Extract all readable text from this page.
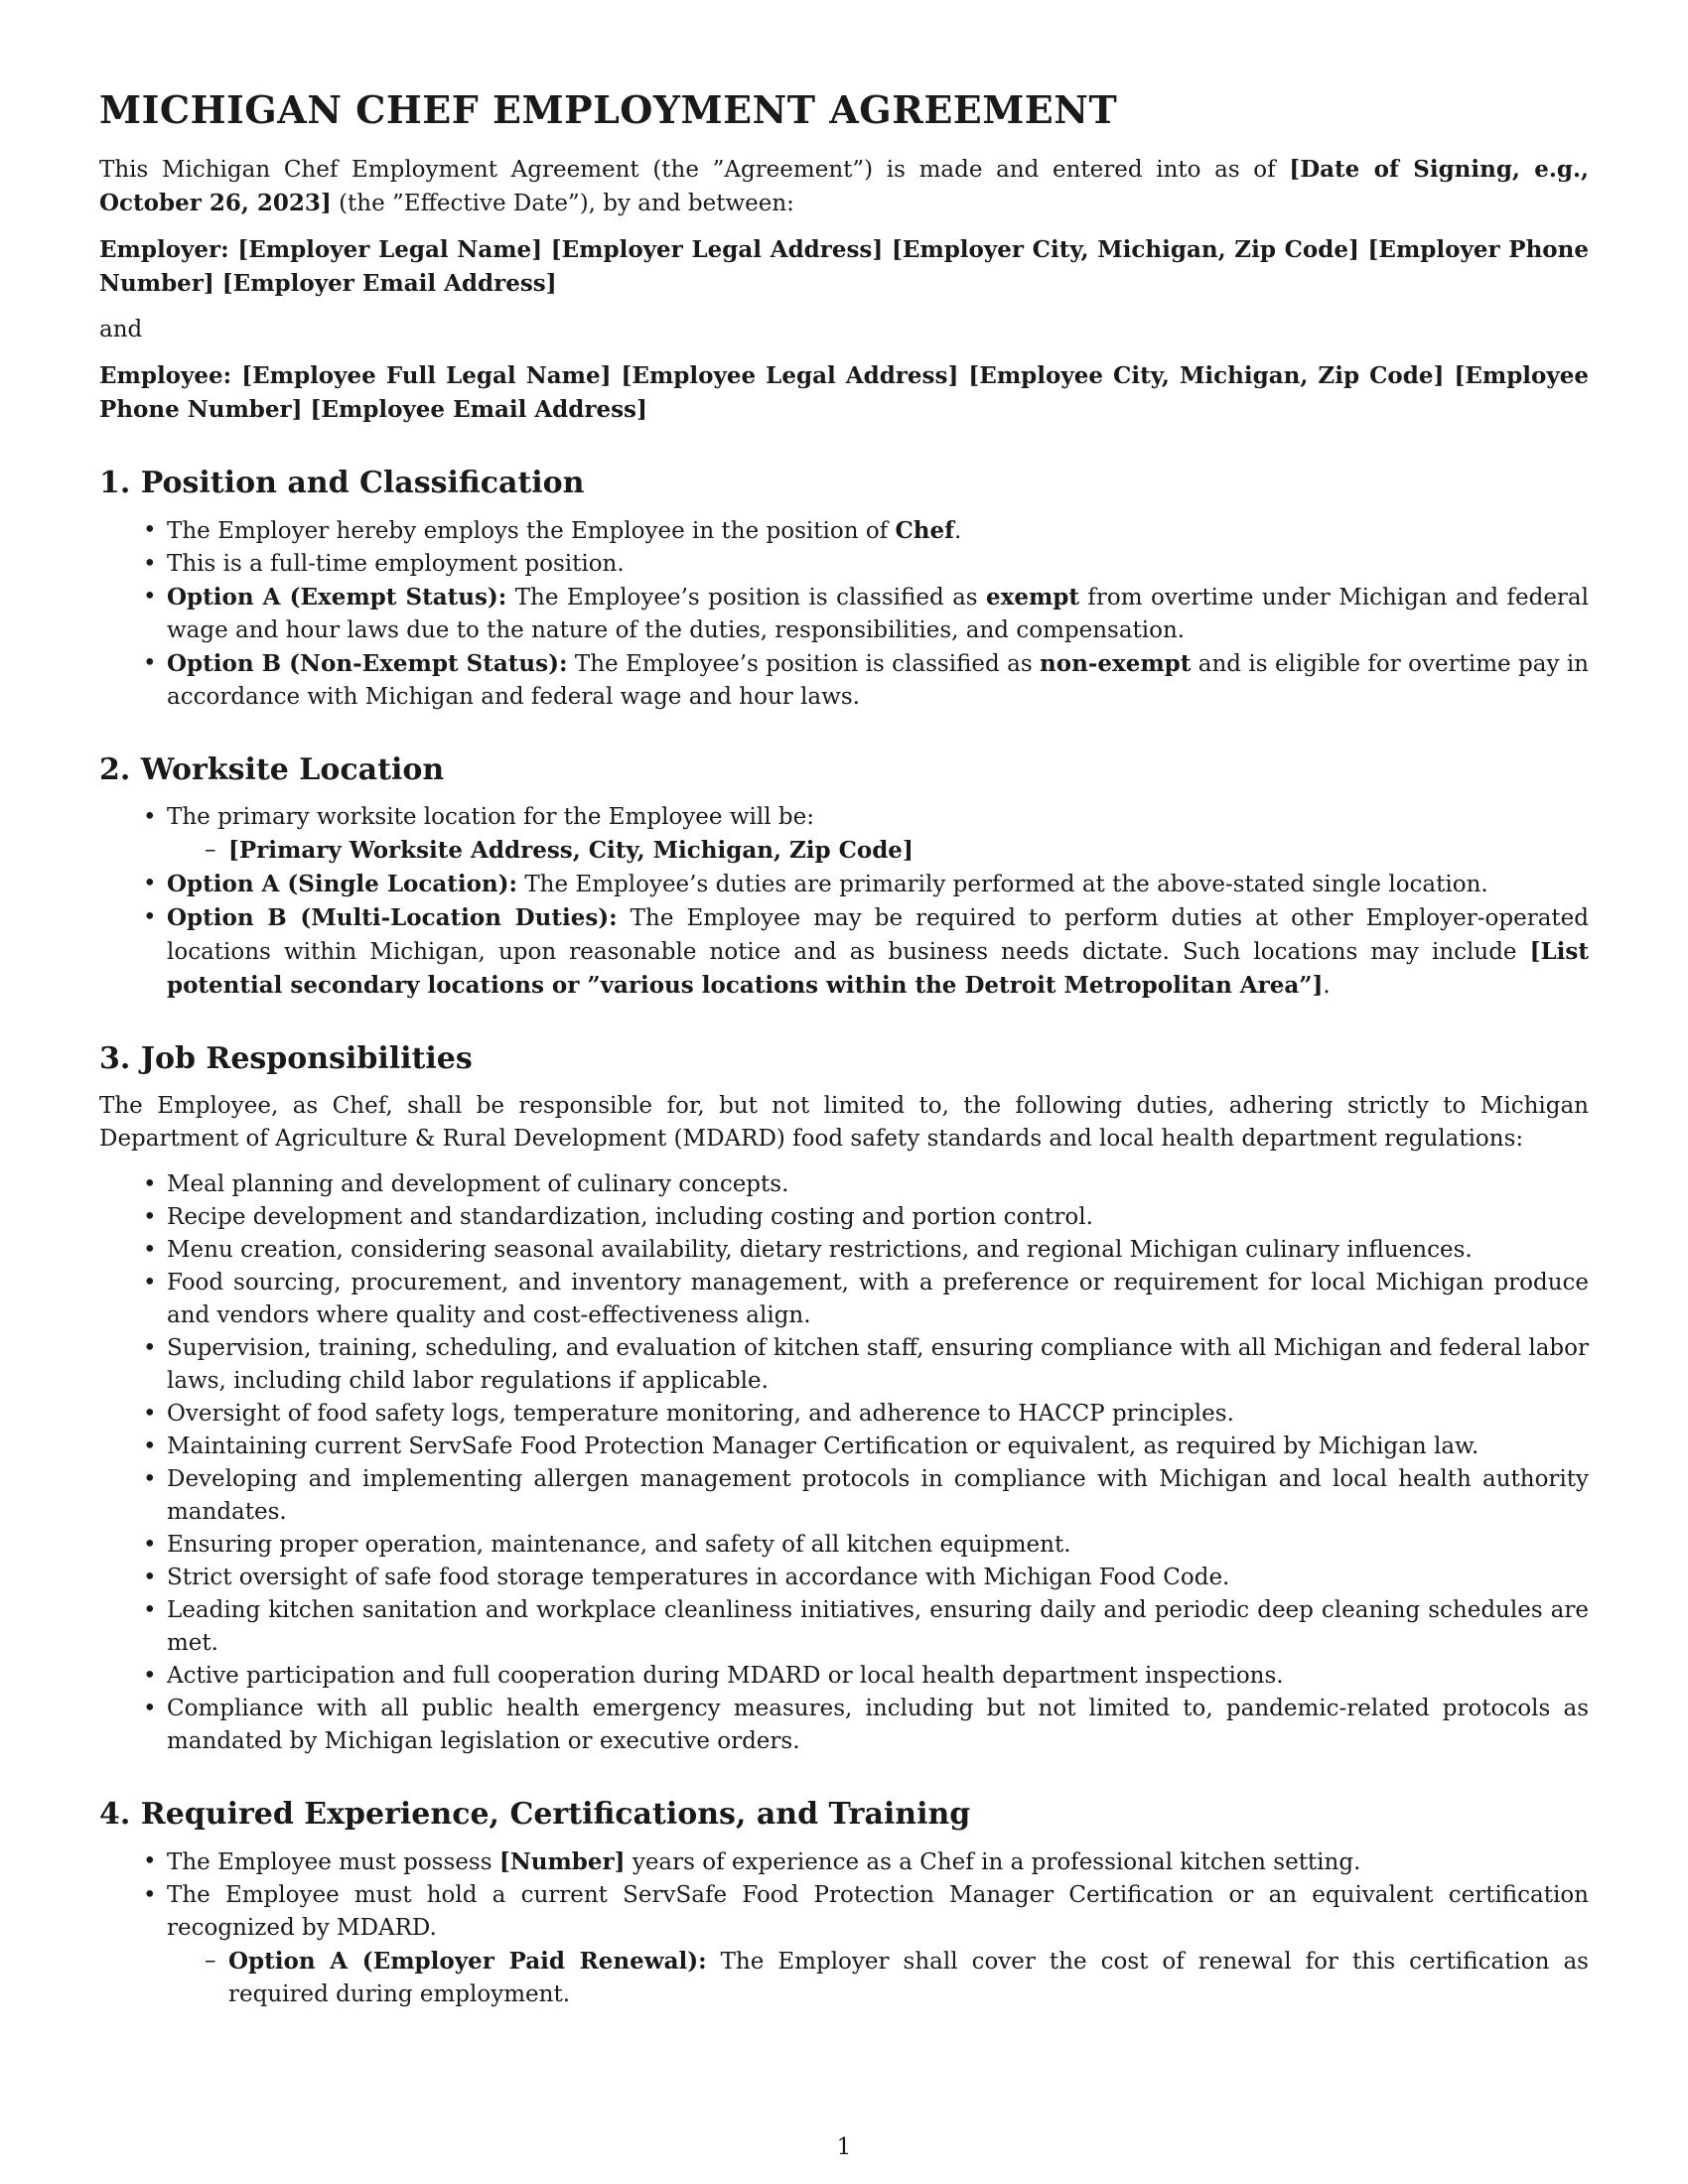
MICHIGAN CHEF EMPLOYMENT AGREEMENT

This Michigan Chef Employment Agreement (the ”Agreement”) is made and entered into as of [Date of Signing, e.g., October 26, 2023] (the ”Effective Date”), by and between:

Employer: [Employer Legal Name] [Employer Legal Address] [Employer City, Michigan, Zip Code] [Employer Phone Number] [Employer Email Address]

and

Employee: [Employee Full Legal Name] [Employee Legal Address] [Employee City, Michigan, Zip Code] [Employee Phone Number] [Employee Email Address]

1. Position and Classification
• The Employer hereby employs the Employee in the position of Chef.
• This is a full-time employment position.
• Option A (Exempt Status): The Employee’s position is classified as exempt from overtime under Michigan and federal wage and hour laws due to the nature of the duties, responsibilities, and compensation.
• Option B (Non-Exempt Status): The Employee’s position is classified as non-exempt and is eligible for overtime pay in accordance with Michigan and federal wage and hour laws.
2. Worksite Location
• The primary worksite location for the Employee will be:
– [Primary Worksite Address, City, Michigan, Zip Code]
• Option A (Single Location): The Employee’s duties are primarily performed at the above-stated single location.
• Option B (Multi-Location Duties): The Employee may be required to perform duties at other Employer-operated locations within Michigan, upon reasonable notice and as business needs dictate. Such locations may include [List potential secondary locations or ”various locations within the Detroit Metropolitan Area”].
3. Job Responsibilities

The Employee, as Chef, shall be responsible for, but not limited to, the following duties, adhering strictly to Michigan Department of Agriculture & Rural Development (MDARD) food safety standards and local health department regulations:

• Meal planning and development of culinary concepts.
• Recipe development and standardization, including costing and portion control.
• Menu creation, considering seasonal availability, dietary restrictions, and regional Michigan culinary influences.
• Food sourcing, procurement, and inventory management, with a preference or requirement for local Michigan produce and vendors where quality and cost-effectiveness align.
• Supervision, training, scheduling, and evaluation of kitchen staff, ensuring compliance with all Michigan and federal labor laws, including child labor regulations if applicable.
• Oversight of food safety logs, temperature monitoring, and adherence to HACCP principles.
• Maintaining current ServSafe Food Protection Manager Certification or equivalent, as required by Michigan law.
• Developing and implementing allergen management protocols in compliance with Michigan and local health authority mandates.
• Ensuring proper operation, maintenance, and safety of all kitchen equipment.
• Strict oversight of safe food storage temperatures in accordance with Michigan Food Code.
• Leading kitchen sanitation and workplace cleanliness initiatives, ensuring daily and periodic deep cleaning schedules are met.
• Active participation and full cooperation during MDARD or local health department inspections.
• Compliance with all public health emergency measures, including but not limited to, pandemic-related protocols as mandated by Michigan legislation or executive orders.
4. Required Experience, Certifications, and Training
• The Employee must possess [Number] years of experience as a Chef in a professional kitchen setting.
• The Employee must hold a current ServSafe Food Protection Manager Certification or an equivalent certification recognized by MDARD.
– Option A (Employer Paid Renewal): The Employer shall cover the cost of renewal for this certification as required during employment.
1
